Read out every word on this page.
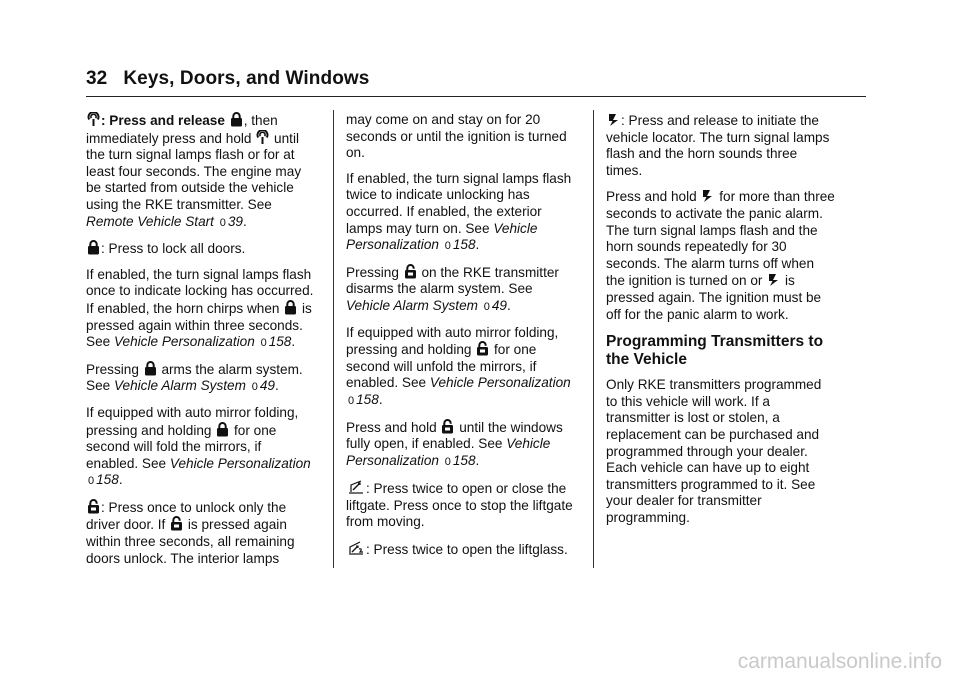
32 Keys, Doors, and Windows

: Press and release
, then immediately press and hold
until the turn signal lamps flash or for at least four seconds. The engine may be started from outside the vehicle using the RKE transmitter. See Remote Vehicle Start 0 39.

: Press to lock all doors.

If enabled, the turn signal lamps flash once to indicate locking has occurred. If enabled, the horn chirps when
is pressed again within three seconds. See Vehicle Personalization 0 158.

Pressing
arms the alarm system. See Vehicle Alarm System 0 49.

If equipped with auto mirror folding, pressing and holding
for one second will fold the mirrors, if enabled. See Vehicle Personalization 0 158.

: Press once to unlock only the driver door. If
is pressed again within three seconds, all remaining doors unlock. The interior lamps

may come on and stay on for 20 seconds or until the ignition is turned on.

If enabled, the turn signal lamps flash twice to indicate unlocking has occurred. If enabled, the exterior lamps may turn on. See Vehicle Personalization 0 158.

Pressing
on the RKE transmitter disarms the alarm system. See Vehicle Alarm System 0 49.

If equipped with auto mirror folding, pressing and holding
for one second will unfold the mirrors, if enabled. See Vehicle Personalization 0 158.

Press and hold
until the windows fully open, if enabled. See Vehicle Personalization 0 158.

: Press twice to open or close the liftgate. Press once to stop the liftgate from moving.

: Press twice to open the liftglass.

: Press and release to initiate the vehicle locator. The turn signal lamps flash and the horn sounds three times.

Press and hold
for more than three seconds to activate the panic alarm. The turn signal lamps flash and the horn sounds repeatedly for 30 seconds. The alarm turns off when the ignition is turned on or
is pressed again. The ignition must be off for the panic alarm to work.

Programming Transmitters to the Vehicle

Only RKE transmitters programmed to this vehicle will work. If a transmitter is lost or stolen, a replacement can be purchased and programmed through your dealer. Each vehicle can have up to eight transmitters programmed to it. See your dealer for transmitter programming.

carmanualsonline.info
